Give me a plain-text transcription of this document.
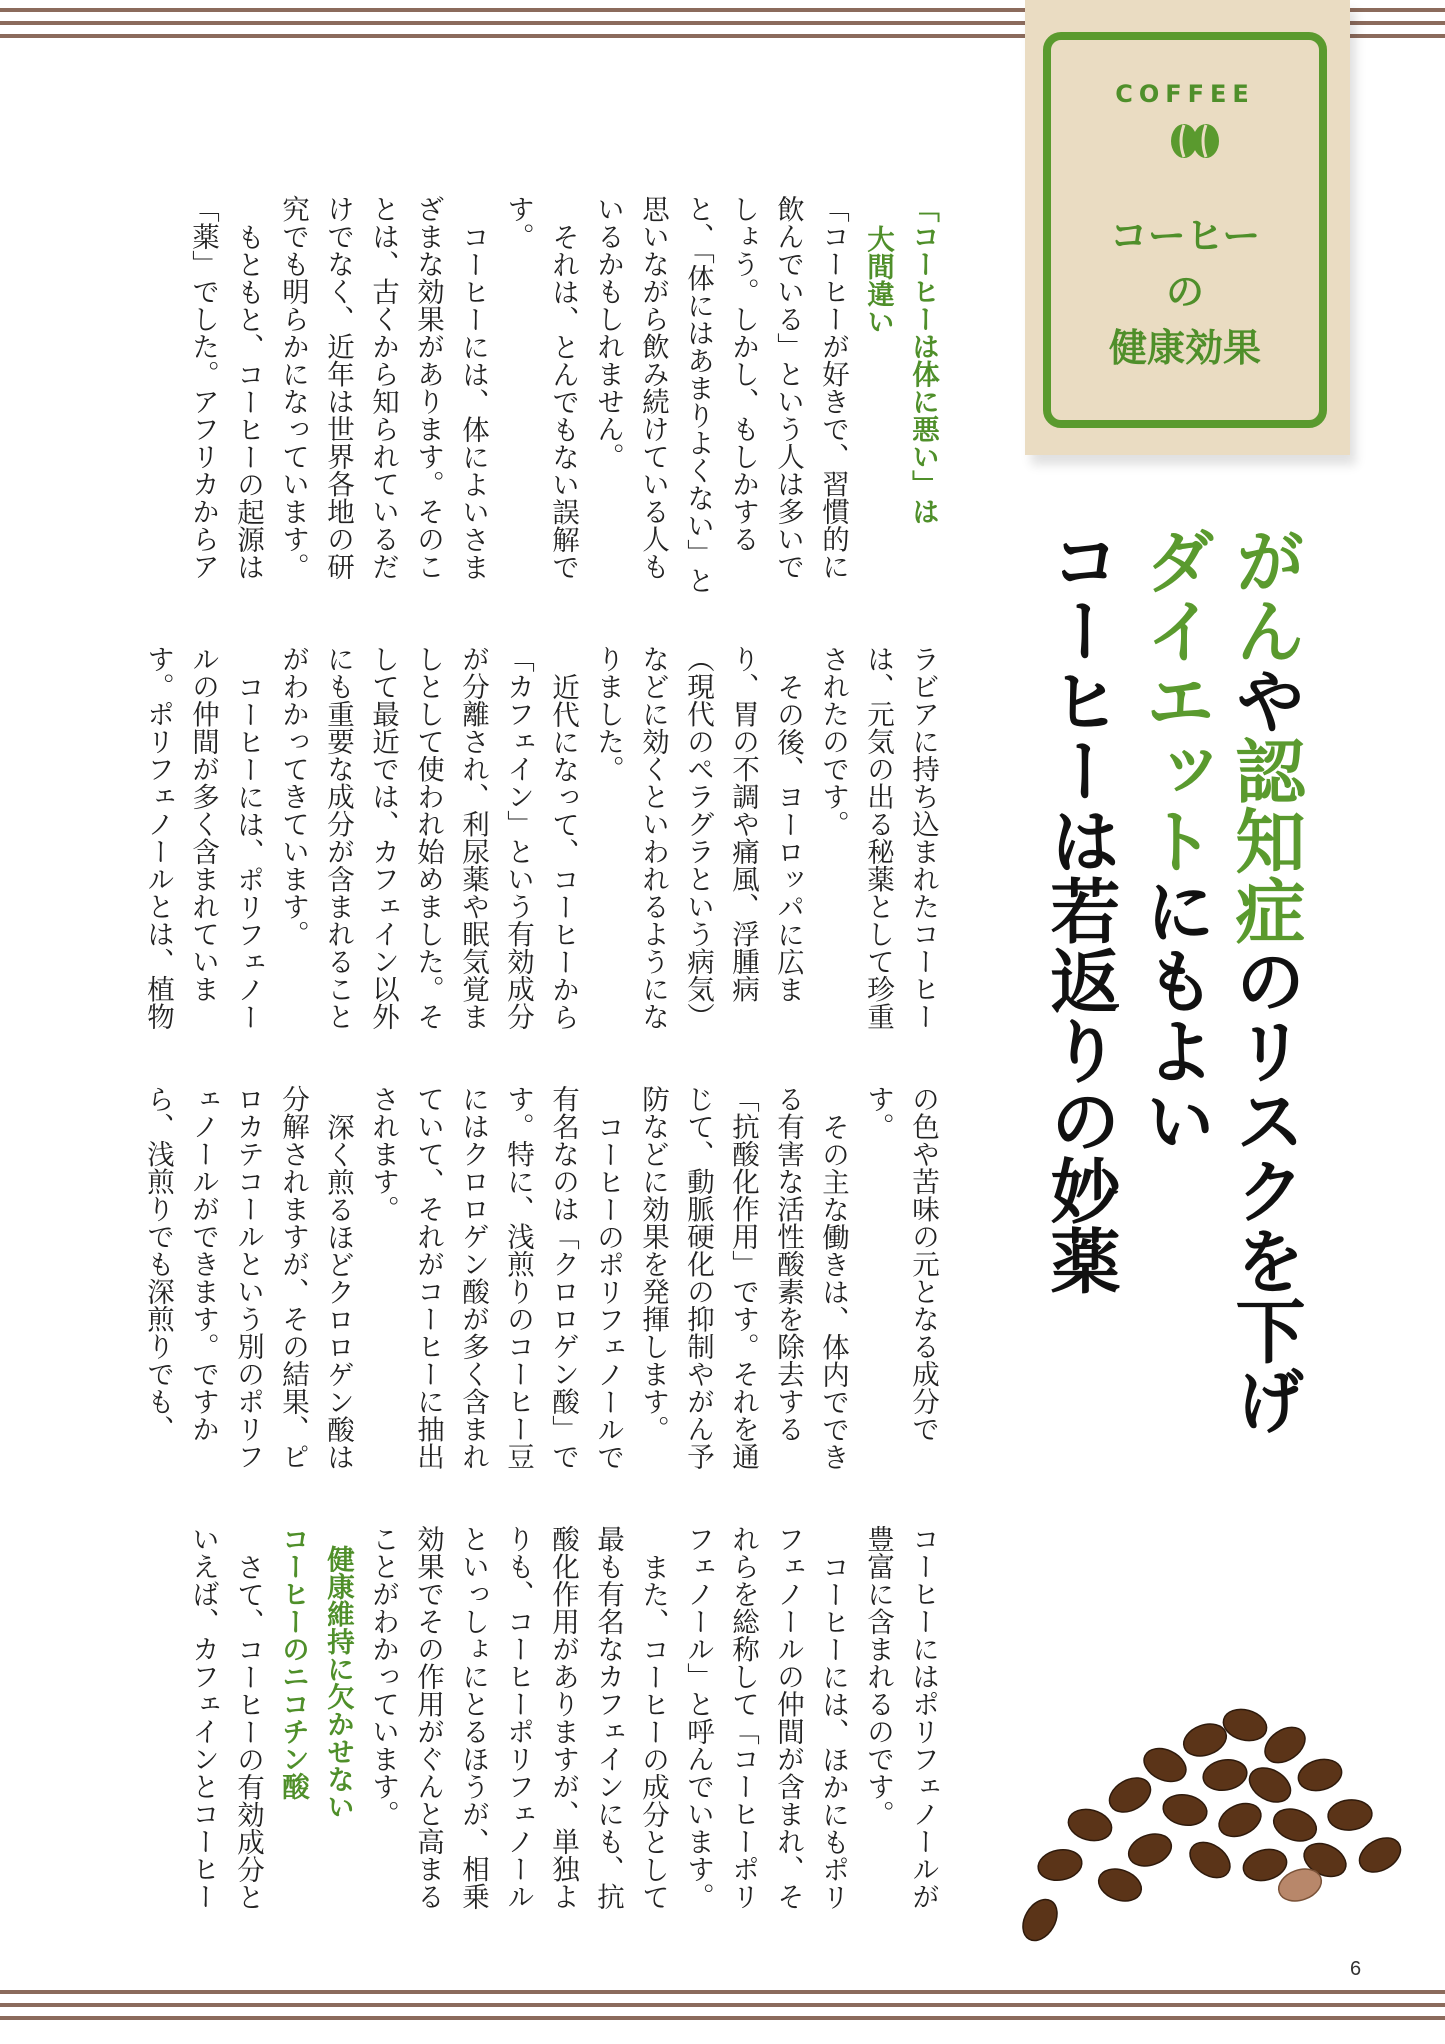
COFFEE
コーヒー
の
健康効果
がんや認知症のリスクを下げ
ダイエットにもよい
コーヒーは若返りの妙薬

「コーヒーは体に悪い」は

大間違い

「コーヒーが好きで、習慣的に飲んでいる」という人は多いでしょう。しかし、もしかすると、「体にはあまりよくない」と思いながら飲み続けている人もいるかもしれません。

それは、とんでもない誤解です。

コーヒーには、体によいさまざまな効果があります。そのことは、古くから知られているだけでなく、近年は世界各地の研究でも明らかになっています。

もともと、コーヒーの起源は「薬」でした。アフリカからア

ラビアに持ち込まれたコーヒーは、元気の出る秘薬として珍重されたのです。

その後、ヨーロッパに広まり、胃の不調や痛風、浮腫病（現代のペラグラという病気）などに効くといわれるようになりました。

近代になって、コーヒーから「カフェイン」という有効成分が分離され、利尿薬や眠気覚ましとして使われ始めました。そして最近では、カフェイン以外にも重要な成分が含まれることがわかってきています。

コーヒーには、ポリフェノールの仲間が多く含まれています。ポリフェノールとは、植物

の色や苦味の元となる成分です。

その主な働きは、体内でできる有害な活性酸素を除去する「抗酸化作用」です。それを通じて、動脈硬化の抑制やがん予防などに効果を発揮します。

コーヒーのポリフェノールで有名なのは「クロロゲン酸」です。特に、浅煎りのコーヒー豆にはクロロゲン酸が多く含まれていて、それがコーヒーに抽出されます。

深く煎るほどクロロゲン酸は分解されますが、その結果、ピロカテコールという別のポリフェノールができます。ですから、浅煎りでも深煎りでも、

コーヒーにはポリフェノールが豊富に含まれるのです。

コーヒーには、ほかにもポリフェノールの仲間が含まれ、それらを総称して「コーヒーポリフェノール」と呼んでいます。

また、コーヒーの成分として最も有名なカフェインにも、抗酸化作用がありますが、単独よりも、コーヒーポリフェノールといっしょにとるほうが、相乗効果でその作用がぐんと高まることがわかっています。

健康維持に欠かせない

コーヒーのニコチン酸

さて、コーヒーの有効成分といえば、カフェインとコーヒー

6
